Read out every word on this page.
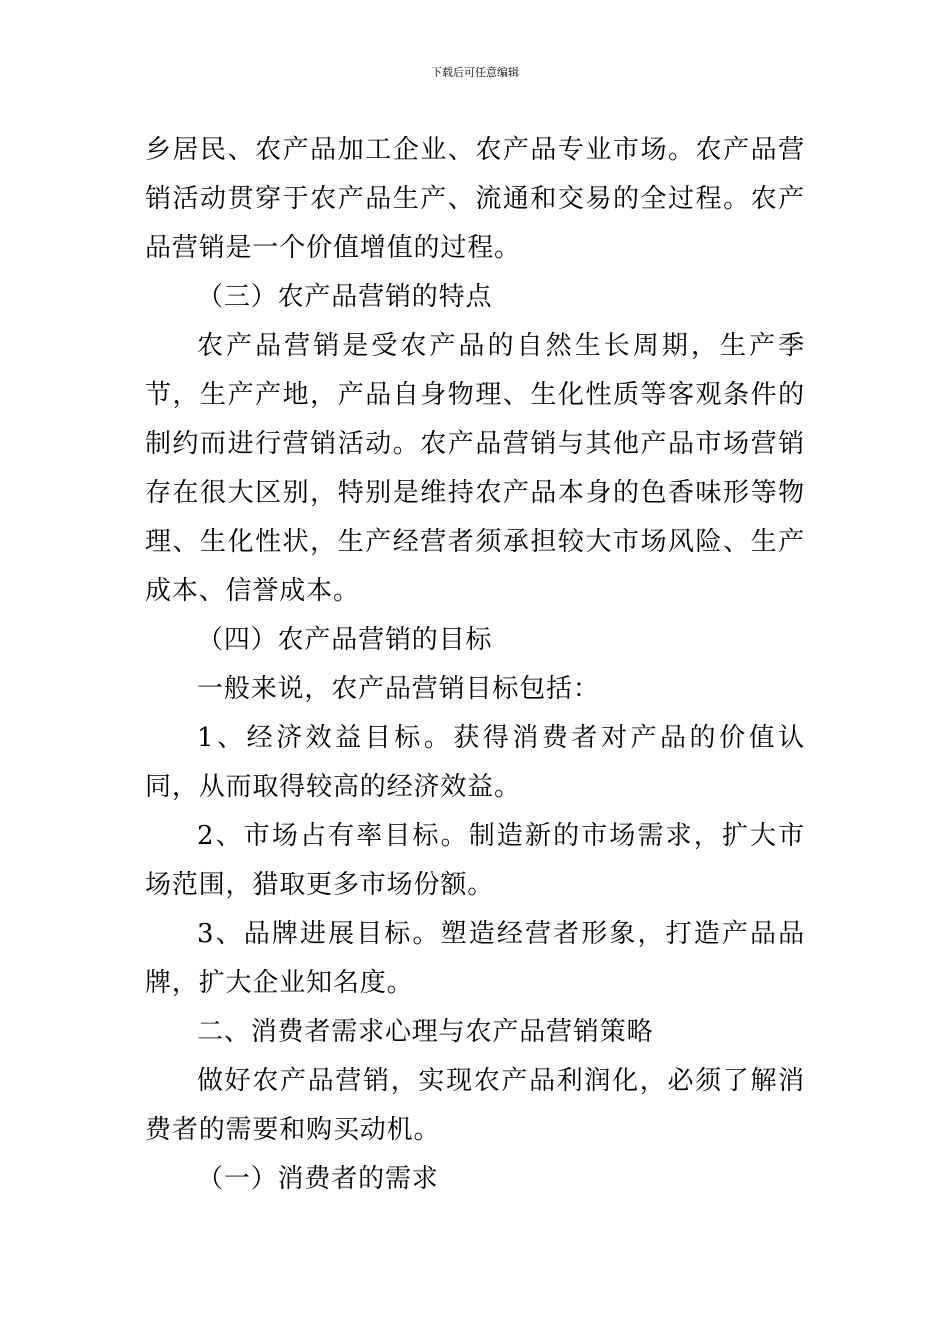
下载后可任意编辑

乡居民、农产品加工企业、农产品专业市场。农产品营销活动贯穿于农产品生产、流通和交易的全过程。农产品营销是一个价值增值的过程。

（三）农产品营销的特点

农产品营销是受农产品的自然生长周期，生产季节，生产产地，产品自身物理、生化性质等客观条件的制约而进行营销活动。农产品营销与其他产品市场营销存在很大区别，特别是维持农产品本身的色香味形等物理、生化性状，生产经营者须承担较大市场风险、生产成本、信誉成本。

（四）农产品营销的目标

一般来说，农产品营销目标包括：

1、经济效益目标。获得消费者对产品的价值认同，从而取得较高的经济效益。

2、市场占有率目标。制造新的市场需求，扩大市场范围，猎取更多市场份额。

3、品牌进展目标。塑造经营者形象，打造产品品牌，扩大企业知名度。

二、消费者需求心理与农产品营销策略

做好农产品营销，实现农产品利润化，必须了解消费者的需要和购买动机。

（一）消费者的需求
